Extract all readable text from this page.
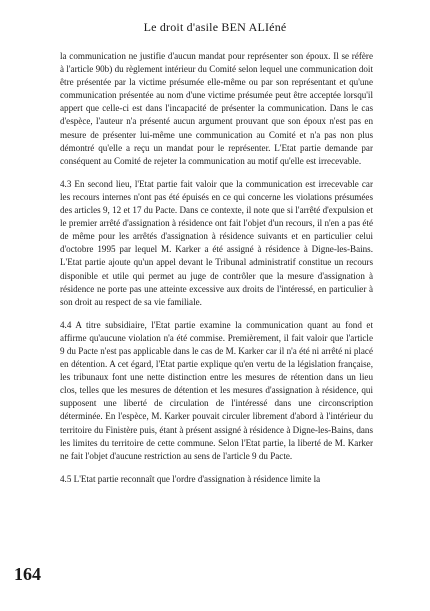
Le droit d'asile BEN ALIéné

la communication ne justifie d'aucun mandat pour représenter son époux. Il se réfère à l'article 90b) du règlement intérieur du Comité selon lequel une communication doit être présentée par la victime présumée elle-même ou par son représentant et qu'une communication présentée au nom d'une victime présumée peut être acceptée lorsqu'il appert que celle-ci est dans l'incapacité de présenter la communication. Dans le cas d'espèce, l'auteur n'a présenté aucun argument prouvant que son époux n'est pas en mesure de présenter lui-même une communication au Comité et n'a pas non plus démontré qu'elle a reçu un mandat pour le représenter. L'Etat partie demande par conséquent au Comité de rejeter la communication au motif qu'elle est irrecevable.

4.3 En second lieu, l'Etat partie fait valoir que la communication est irrecevable car les recours internes n'ont pas été épuisés en ce qui concerne les violations présumées des articles 9, 12 et 17 du Pacte. Dans ce contexte, il note que si l'arrêté d'expulsion et le premier arrêté d'assignation à résidence ont fait l'objet d'un recours, il n'en a pas été de même pour les arrêtés d'assignation à résidence suivants et en particulier celui d'octobre 1995 par lequel M. Karker a été assigné à résidence à Digne-les-Bains. L'Etat partie ajoute qu'un appel devant le Tribunal administratif constitue un recours disponible et utile qui permet au juge de contrôler que la mesure d'assignation à résidence ne porte pas une atteinte excessive aux droits de l'intéressé, en particulier à son droit au respect de sa vie familiale.

4.4 A titre subsidiaire, l'Etat partie examine la communication quant au fond et affirme qu'aucune violation n'a été commise. Premièrement, il fait valoir que l'article 9 du Pacte n'est pas applicable dans le cas de M. Karker car il n'a été ni arrêté ni placé en détention. A cet égard, l'Etat partie explique qu'en vertu de la législation française, les tribunaux font une nette distinction entre les mesures de rétention dans un lieu clos, telles que les mesures de détention et les mesures d'assignation à résidence, qui supposent une liberté de circulation de l'intéressé dans une circonscription déterminée. En l'espèce, M. Karker pouvait circuler librement d'abord à l'intérieur du territoire du Finistère puis, étant à présent assigné à résidence à Digne-les-Bains, dans les limites du territoire de cette commune. Selon l'Etat partie, la liberté de M. Karker ne fait l'objet d'aucune restriction au sens de l'article 9 du Pacte.

4.5 L'Etat partie reconnaît que l'ordre d'assignation à résidence limite la

164
